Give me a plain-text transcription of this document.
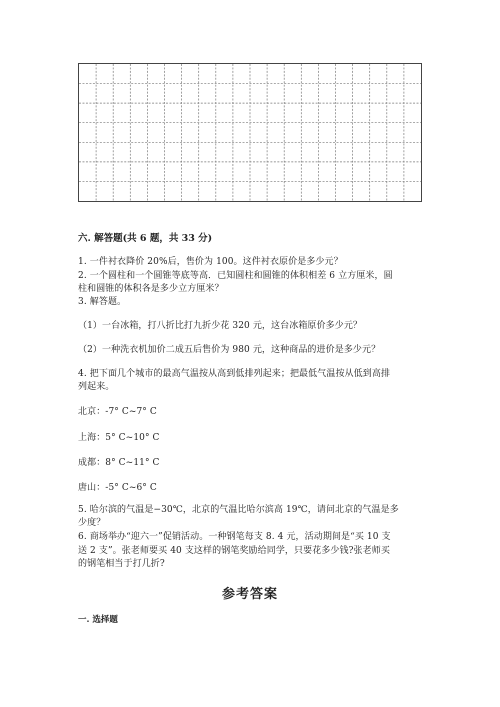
六. 解答题(共 6 题，共 33 分)
1. 一件衬衣降价 20%后，售价为 100。这件衬衣原价是多少元？
2. 一个圆柱和一个圆锥等底等高．已知圆柱和圆锥的体积相差 6 立方厘米，圆
柱和圆锥的体积各是多少立方厘米？
3. 解答题。
（1）一台冰箱，打八折比打九折少花 320 元，这台冰箱原价多少元？
（2）一种洗衣机加价二成五后售价为 980 元，这种商品的进价是多少元？
4. 把下面几个城市的最高气温按从高到低排列起来；把最低气温按从低到高排
列起来。
北京：-7° C~7° C
上海：5° C~10° C
成都：8° C~11° C
唐山：-5° C~6° C
5. 哈尔滨的气温是−30℃，北京的气温比哈尔滨高 19℃，请问北京的气温是多
少度？
6. 商场举办“迎六一”促销活动。一种钢笔每支 8. 4 元，活动期间是“买 10 支
送 2 支”。张老师要买 40 支这样的钢笔奖励给同学，只要花多少钱?张老师买
的钢笔相当于打几折?
参考答案
一. 选择题
